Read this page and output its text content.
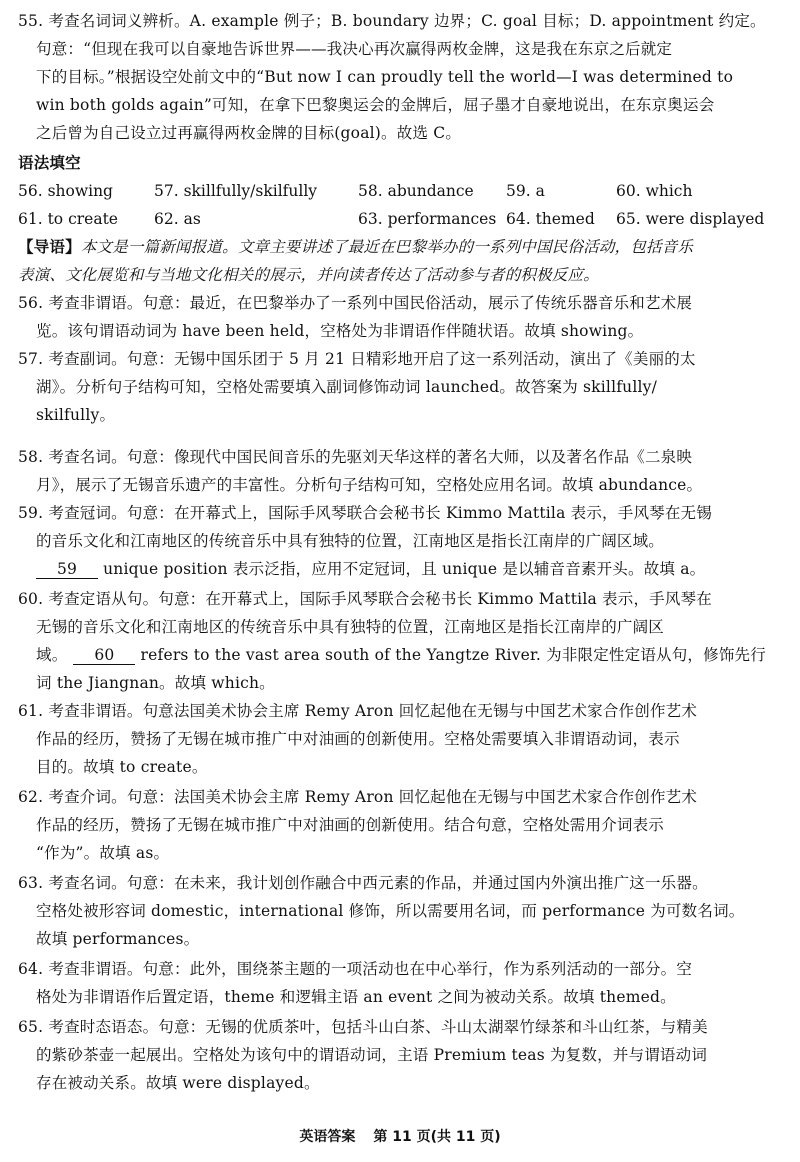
55. 考查名词词义辨析。A. example 例子；B. boundary 边界；C. goal 目标；D. appointment 约定。
句意：“但现在我可以自豪地告诉世界——我决心再次赢得两枚金牌，这是我在东京之后就定
下的目标。”根据设空处前文中的“But now I can proudly tell the world—I was determined to
win both golds again”可知，在拿下巴黎奥运会的金牌后，屈子墨才自豪地说出，在东京奥运会
之后曾为自己设立过再赢得两枚金牌的目标(goal)。故选 C。
语法填空
56. showing	57. skillfully/skilfully	58. abundance 59. a	60. which
61. to create 62. as	63. performances 64. themed 65. were displayed
【导语】本文是一篇新闻报道。文章主要讲述了最近在巴黎举办的一系列中国民俗活动，包括音乐
表演、文化展览和与当地文化相关的展示，并向读者传达了活动参与者的积极反应。
56. 考查非谓语。句意：最近，在巴黎举办了一系列中国民俗活动，展示了传统乐器音乐和艺术展
览。该句谓语动词为 have been held，空格处为非谓语作伴随状语。故填 showing。
57. 考查副词。句意：无锡中国乐团于 5 月 21 日精彩地开启了这一系列活动，演出了《美丽的太
湖》。分析句子结构可知，空格处需要填入副词修饰动词 launched。故答案为 skillfully/
skilfully。
58. 考查名词。句意：像现代中国民间音乐的先驱刘天华这样的著名大师，以及著名作品《二泉映
月》，展示了无锡音乐遗产的丰富性。分析句子结构可知，空格处应用名词。故填 abundance。
59. 考查冠词。句意：在开幕式上，国际手风琴联合会秘书长 Kimmo Mattila 表示，手风琴在无锡
的音乐文化和江南地区的传统音乐中具有独特的位置，江南地区是指长江南岸的广阔区域。
59 unique position 表示泛指，应用不定冠词，且 unique 是以辅音音素开头。故填 a。
60. 考查定语从句。句意：在开幕式上，国际手风琴联合会秘书长 Kimmo Mattila 表示，手风琴在
无锡的音乐文化和江南地区的传统音乐中具有独特的位置，江南地区是指长江南岸的广阔区
域。 60 refers to the vast area south of the Yangtze River. 为非限定性定语从句，修饰先行
词 the Jiangnan。故填 which。
61. 考查非谓语。句意法国美术协会主席 Remy Aron 回忆起他在无锡与中国艺术家合作创作艺术
作品的经历，赞扬了无锡在城市推广中对油画的创新使用。空格处需要填入非谓语动词，表示
目的。故填 to create。
62. 考查介词。句意：法国美术协会主席 Remy Aron 回忆起他在无锡与中国艺术家合作创作艺术
作品的经历，赞扬了无锡在城市推广中对油画的创新使用。结合句意，空格处需用介词表示
“作为”。故填 as。
63. 考查名词。句意：在未来，我计划创作融合中西元素的作品，并通过国内外演出推广这一乐器。
空格处被形容词 domestic，international 修饰，所以需要用名词，而 performance 为可数名词。
故填 performances。
64. 考查非谓语。句意：此外，围绕茶主题的一项活动也在中心举行，作为系列活动的一部分。空
格处为非谓语作后置定语，theme 和逻辑主语 an event 之间为被动关系。故填 themed。
65. 考查时态语态。句意：无锡的优质茶叶，包括斗山白茶、斗山太湖翠竹绿茶和斗山红茶，与精美
的紫砂茶壶一起展出。空格处为该句中的谓语动词，主语 Premium teas 为复数，并与谓语动词
存在被动关系。故填 were displayed。
英语答案 第 11 页(共 11 页)
